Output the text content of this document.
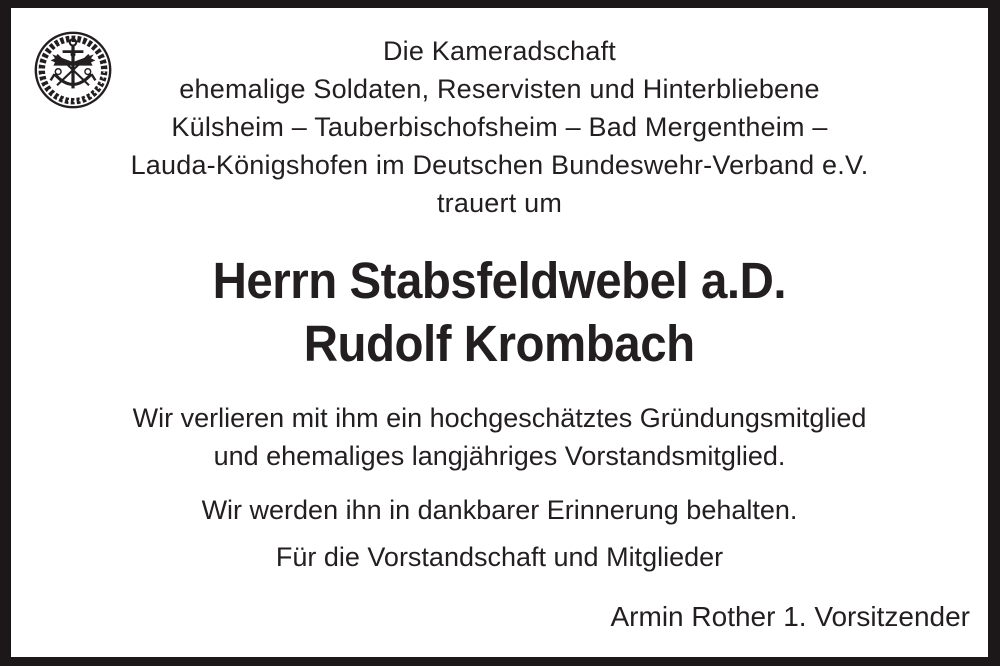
Die Kameradschaft
ehemalige Soldaten, Reservisten und Hinterbliebene
Külsheim – Tauberbischofsheim – Bad Mergentheim –
Lauda-Königshofen im Deutschen Bundeswehr-Verband e.V.
trauert um
Herrn Stabsfeldwebel a.D.
Rudolf Krombach
Wir verlieren mit ihm ein hochgeschätztes Gründungsmitglied
und ehemaliges langjähriges Vorstandsmitglied.
Wir werden ihn in dankbarer Erinnerung behalten.
Für die Vorstandschaft und Mitglieder
Armin Rother 1. Vorsitzender
